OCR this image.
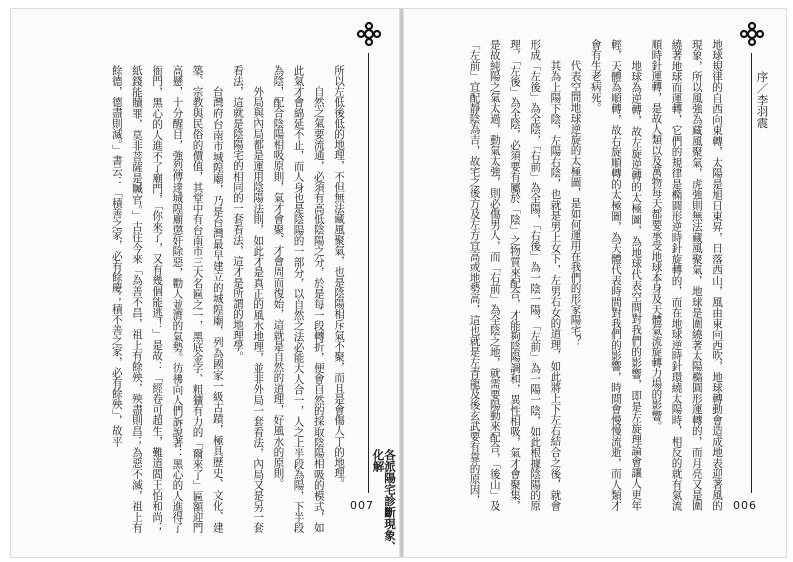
所以左低後低的地理，不但無法藏風聚氣，也是陰陽相斥氣不聚，而且是會傷人丁的地理。

自然之氣要流通，必須有高低陰陽之分，於是每一段轉折，便會自然的採取陰陽相吸的模式，如此氣才會綿延不止，而人身也是陰陽的一部分，以自然之法必能大人合一，人之上半段為陽，下半段為陰，配合陰陽相吸原則，氣才會聚、才會周而復始，這就是自然的道理，好風水的原則。

外局與內局都是運用陰陽法則，如此才是真正的風水地理，並非外局一套看法，內局又是另一套看法，這就是陰陽宅的相同的一套看法，這才是所謂的地理學。

台灣府台南市城隍廟，乃是台灣最早建立的城隍廟，列為國家一級古蹟，極具歷史、文化、建築、宗教與民俗的價值，其堂中有台南市三大名匾之一，黑底金字、粗獷有力的「爾來了」匾額迎門高懸，十分醒目，強烈傳達城隍廟懲奸除惡，勸人並濟的氣勢。彷彿向人們訴說著：黑心的人進得了衙門，黑心的人進不了廟門，「你來了，又有幾個能逃！」是故：「經卷可超生，難道閻王怕和尚；紙錢能贖罪，莫非菩薩是贓官。」古往今來「為善不昌，祖上有餘殃，殃盡則昌；為惡不滅，祖上有餘德，德盡則滅。」書云：「積善之家，必有餘慶；積不善之家，必有餘殃」，故平

各派陽宅診斷現象、化解
007	地球規律的自西向東轉，太陽是旭日東昇，日落西山，風由東向西吹，地球轉動會造成地表迎著風的現象，所以風強為藏風聚氣，虎強則無法藏風聚氣，地球是圍繞著太陽橢圓形運轉的，而月亮又是圍繞著地球而運轉，它們的規律是橢圓形逆時針旋轉的，而在地球逆時針環繞太陽時，相反的就有氣流順時針運轉，是故人類以及萬物每天都要承受地球本身及天體氣流旋轉力場的影響。

地球為逆轉，故左旋逆轉的太極圖，為地球代表空間對我們的影響，即是左旋理論會讓人更年輕，天體為順轉，故右旋順轉的太極圖，為天體代表時間對我們的影響，時間會慢慢流逝，而人類才會有生老病死。

代表空間地球逆旋的太極圖，是如何運用在我們的形家陽宅？

其為上陽下陰，左陽右陰，也就是男上女下，左男右女的道理，如此將上下左右結合之後，就會形成「左後」為全陰，「右前」為全陽，「右後」為一陰一陽，「左前」為一陽一陰，如此根據陰陽的原理，「左後」為全陰，必須要有屬於「陰」之物質來配合，才能夠陰陽調和，異性相吸，氣才會聚集，是故純陽之氣太過，動氣太強，則必傷男人，而「右前」為全陰之地，就需要陽動來配合，「後山」及「左前」宜配靜陰為吉，故宅之後方及左方宜高或地勢高，這也就是左青龍及後玄武要有靠的原因，	序／李羽震
006
